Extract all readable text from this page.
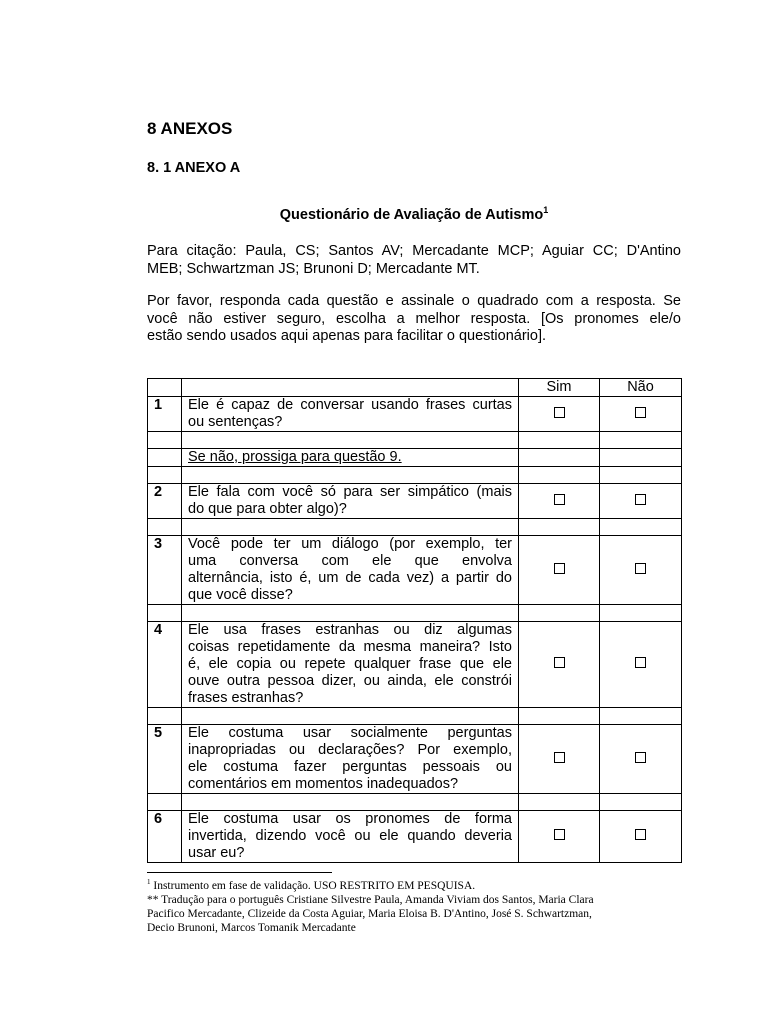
8 ANEXOS
8. 1 ANEXO A
Questionário de Avaliação de Autismo$^1$
Para citação: Paula, CS; Santos AV; Mercadante MCP; Aguiar CC; D'Antino
MEB; Schwartzman JS; Brunoni D; Mercadante MT.
Por favor, responda cada questão e assinale o quadrado com a resposta. Se
você não estiver seguro, escolha a melhor resposta. [Os pronomes ele/o
estão sendo usados aqui apenas para facilitar o questionário].
		Sim	Não
1	Ele é capaz de conversar usando frases curtas
ou sentenças?		

	Se não, prossiga para questão 9.		

2	Ele fala com você só para ser simpático (mais
do que para obter algo)?		

3	Você pode ter um diálogo (por exemplo, ter
uma conversa com ele que envolva
alternância, isto é, um de cada vez) a partir do
que você disse?		

4	Ele usa frases estranhas ou diz algumas
coisas repetidamente da mesma maneira? Isto
é, ele copia ou repete qualquer frase que ele
ouve outra pessoa dizer, ou ainda, ele constrói
frases estranhas?		

5	Ele costuma usar socialmente perguntas
inapropriadas ou declarações? Por exemplo,
ele costuma fazer perguntas pessoais ou
comentários em momentos inadequados?		

6	Ele costuma usar os pronomes de forma
invertida, dizendo você ou ele quando deveria
usar eu?		

$^1$ Instrumento em fase de validação. USO RESTRITO EM PESQUISA.
** Tradução para o português Cristiane Silvestre Paula, Amanda Viviam dos Santos, Maria Clara
Pacifico Mercadante, Clizeide da Costa Aguiar, Maria Eloisa B. D'Antino, José S. Schwartzman,
Decio Brunoni, Marcos Tomanik Mercadante
